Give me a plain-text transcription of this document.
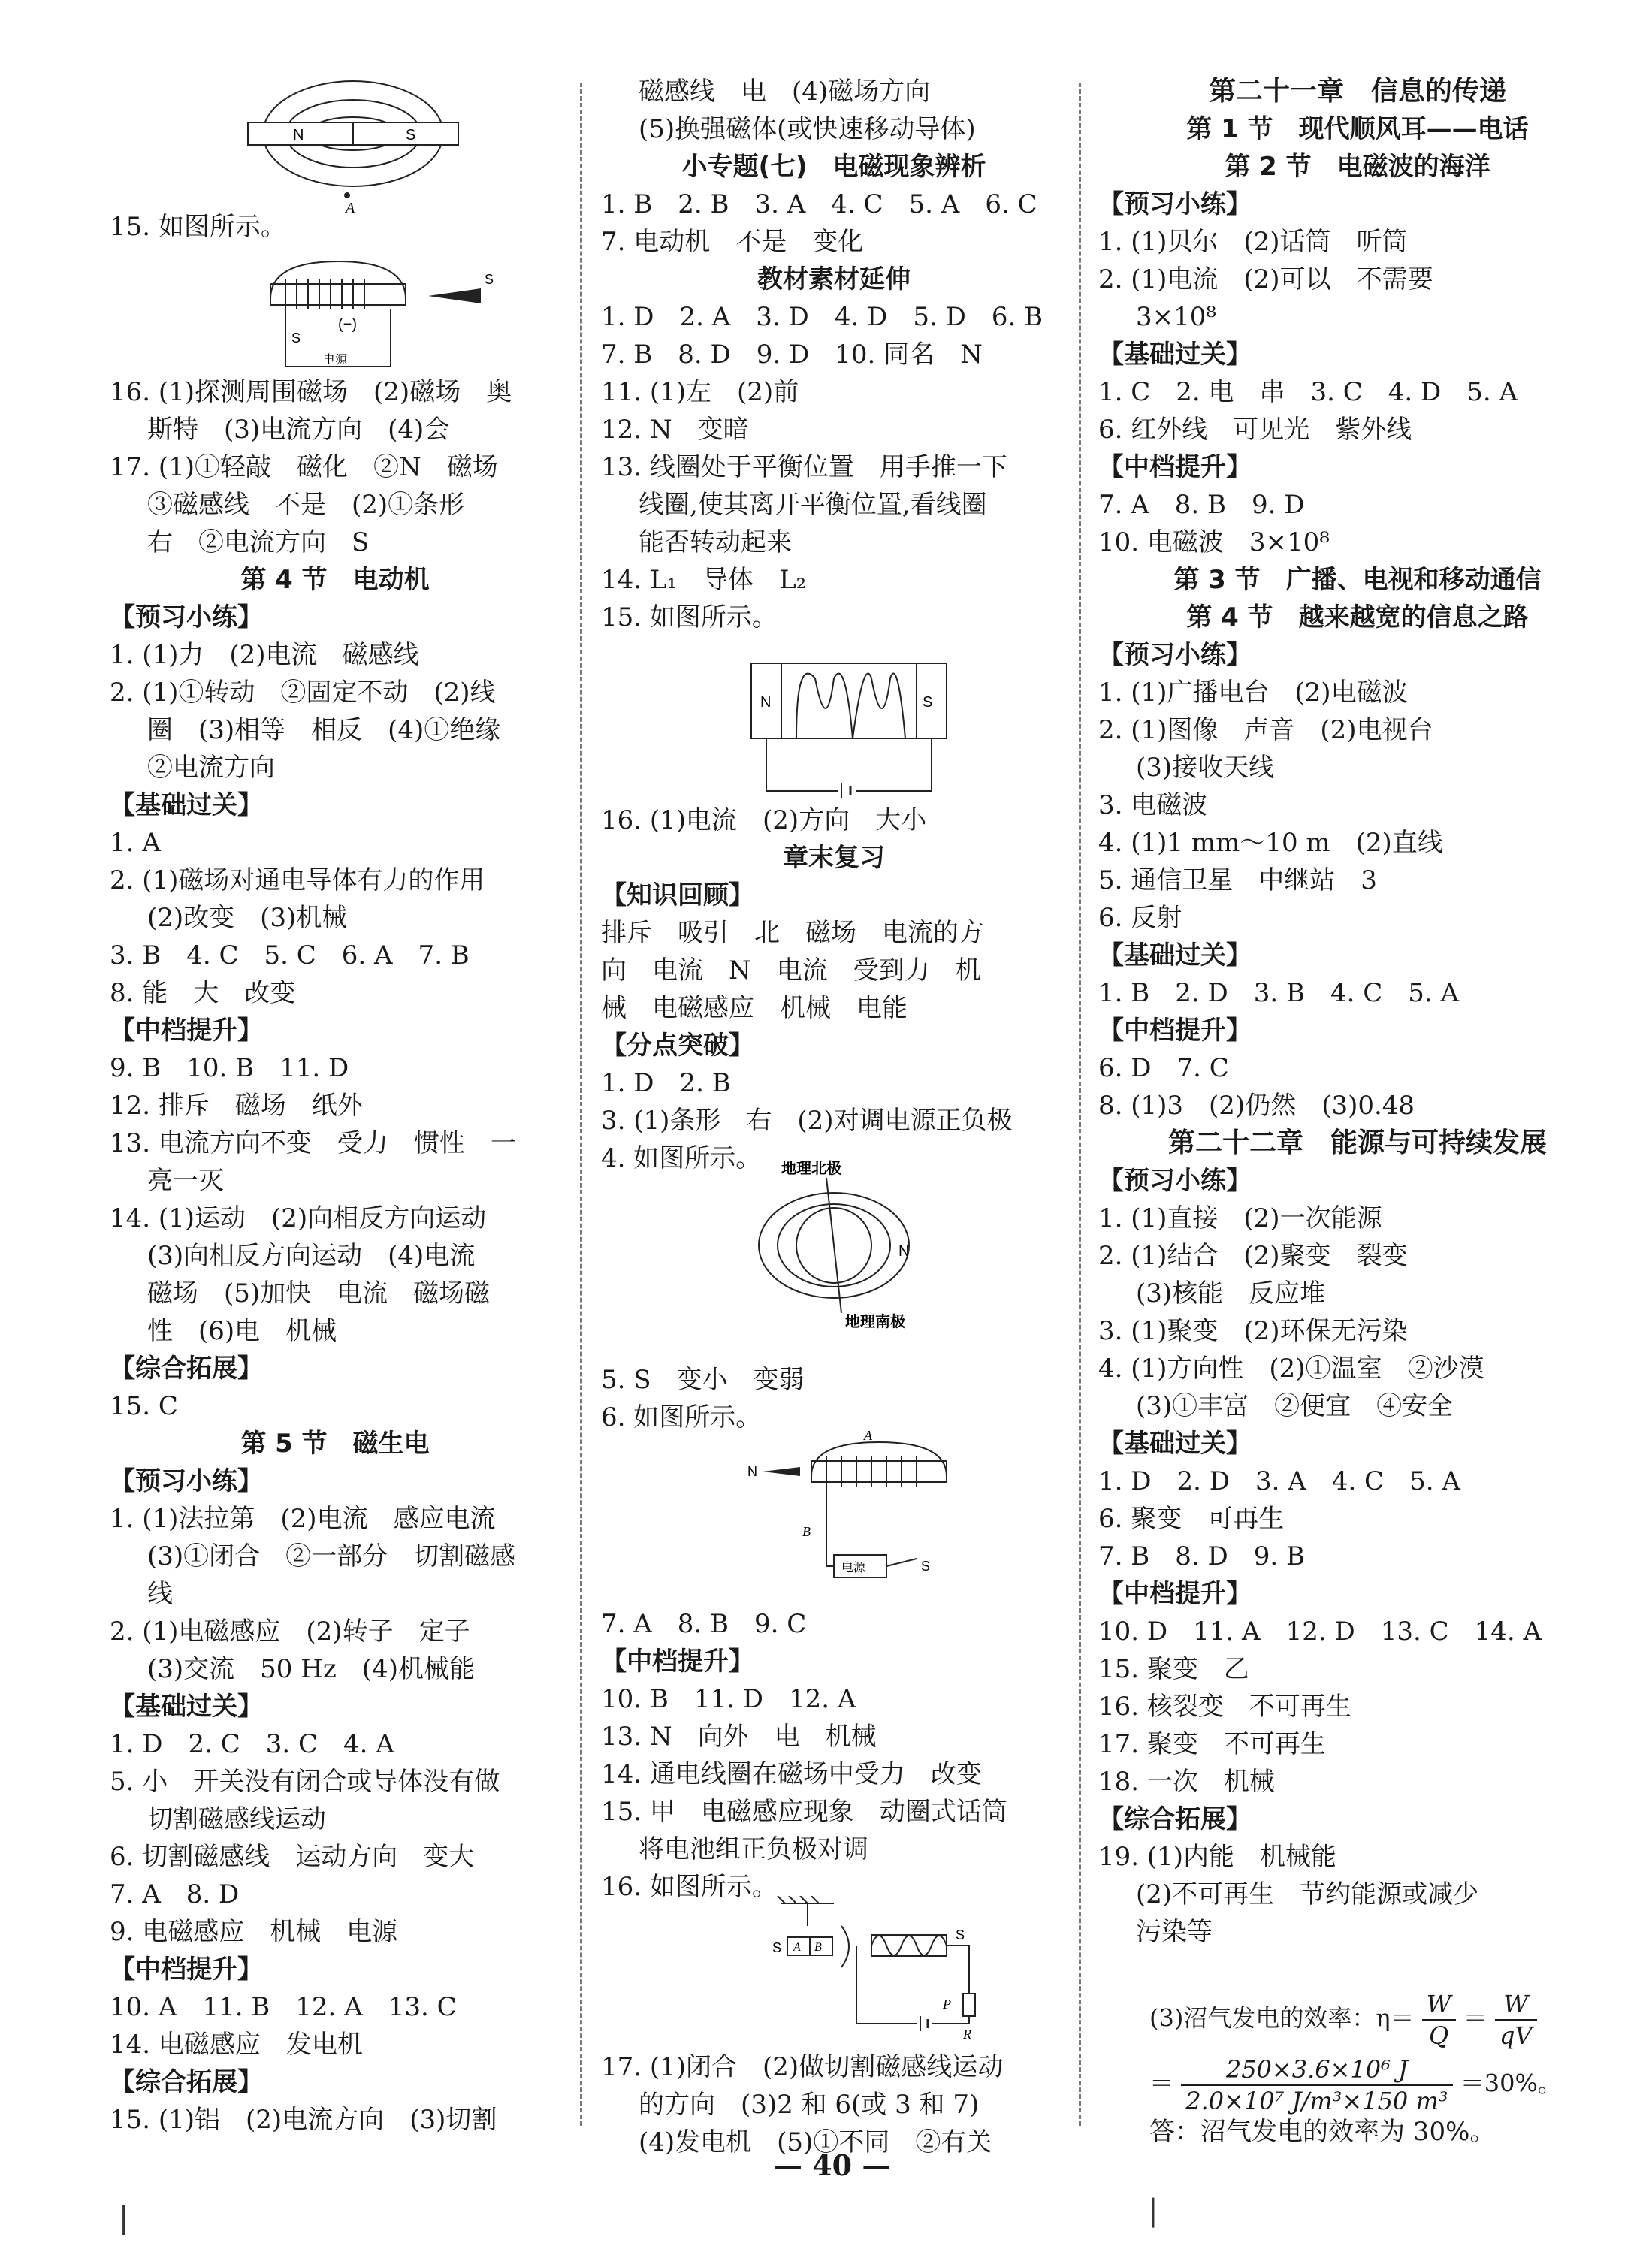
15. 如图所示。
16. (1)探测周围磁场　(2)磁场　奥
斯特　(3)电流方向　(4)会
17. (1)①轻敲　磁化　②N　磁场
③磁感线　不是　(2)①条形
右　②电流方向　S
第 4 节　电动机
【预习小练】
1. (1)力　(2)电流　磁感线
2. (1)①转动　②固定不动　(2)线
圈　(3)相等　相反　(4)①绝缘
②电流方向
【基础过关】
1. A
2. (1)磁场对通电导体有力的作用
(2)改变　(3)机械
3. B　4. C　5. C　6. A　7. B
8. 能　大　改变
【中档提升】
9. B　10. B　11. D
12. 排斥　磁场　纸外
13. 电流方向不变　受力　惯性　一
亮一灭
14. (1)运动　(2)向相反方向运动
(3)向相反方向运动　(4)电流
磁场　(5)加快　电流　磁场磁
性　(6)电　机械
【综合拓展】
15. C
第 5 节　磁生电
【预习小练】
1. (1)法拉第　(2)电流　感应电流
(3)①闭合　②一部分　切割磁感
线
2. (1)电磁感应　(2)转子　定子
(3)交流　50 Hz　(4)机械能
【基础过关】
1. D　2. C　3. C　4. A
5. 小　开关没有闭合或导体没有做
切割磁感线运动
6. 切割磁感线　运动方向　变大
7. A　8. D
9. 电磁感应　机械　电源
【中档提升】
10. A　11. B　12. A　13. C
14. 电磁感应　发电机
【综合拓展】
15. (1)铝　(2)电流方向　(3)切割
磁感线　电　(4)磁场方向
(5)换强磁体(或快速移动导体)
小专题(七)　电磁现象辨析
1. B　2. B　3. A　4. C　5. A　6. C
7. 电动机　不是　变化
教材素材延伸
1. D　2. A　3. D　4. D　5. D　6. B
7. B　8. D　9. D　10. 同名　N
11. (1)左　(2)前
12. N　变暗
13. 线圈处于平衡位置　用手推一下
线圈,使其离开平衡位置,看线圈
能否转动起来
14. L₁　导体　L₂
15. 如图所示。
16. (1)电流　(2)方向　大小
章末复习
【知识回顾】
排斥　吸引　北　磁场　电流的方
向　电流　N　电流　受到力　机
械　电磁感应　机械　电能
【分点突破】
1. D　2. B
3. (1)条形　右　(2)对调电源正负极
4. 如图所示。
5. S　变小　变弱
6. 如图所示。
7. A　8. B　9. C
【中档提升】
10. B　11. D　12. A
13. N　向外　电　机械
14. 通电线圈在磁场中受力　改变
15. 甲　电磁感应现象　动圈式话筒
将电池组正负极对调
16. 如图所示。
17. (1)闭合　(2)做切割磁感线运动
的方向　(3)2 和 6(或 3 和 7)
(4)发电机　(5)①不同　②有关
第二十一章　信息的传递
第 1 节　现代顺风耳——电话
第 2 节　电磁波的海洋
【预习小练】
1. (1)贝尔　(2)话筒　听筒
2. (1)电流　(2)可以　不需要
3×10⁸
【基础过关】
1. C　2. 电　串　3. C　4. D　5. A
6. 红外线　可见光　紫外线
【中档提升】
7. A　8. B　9. D
10. 电磁波　3×10⁸
第 3 节　广播、电视和移动通信
第 4 节　越来越宽的信息之路
【预习小练】
1. (1)广播电台　(2)电磁波
2. (1)图像　声音　(2)电视台
(3)接收天线
3. 电磁波
4. (1)1 mm～10 m　(2)直线
5. 通信卫星　中继站　3
6. 反射
【基础过关】
1. B　2. D　3. B　4. C　5. A
【中档提升】
6. D　7. C
8. (1)3　(2)仍然　(3)0.48
第二十二章　能源与可持续发展
【预习小练】
1. (1)直接　(2)一次能源
2. (1)结合　(2)聚变　裂变
(3)核能　反应堆
3. (1)聚变　(2)环保无污染
4. (1)方向性　(2)①温室　②沙漠
(3)①丰富　②便宜　④安全
【基础过关】
1. D　2. D　3. A　4. C　5. A
6. 聚变　可再生
7. B　8. D　9. B
【中档提升】
10. D　11. A　12. D　13. C　14. A
15. 聚变　乙
16. 核裂变　不可再生
17. 聚变　不可再生
18. 一次　机械
【综合拓展】
19. (1)内能　机械能
(2)不可再生　节约能源或减少
污染等
N	S
A
S
(−)
S
电源
N	S
地理北极
N
地理南极
A
N
B
电源	S
S A B
S
P
R
(3)沼气发电的效率：$\eta= \frac{W}{Q} = \frac{W}{qV}$
＝ $\frac{\text{250×3.6×10⁶ J}}{\text{2.0×10⁷ J/m³×150 m³}} =30\%$。
答：沼气发电的效率为 30%。
— 40 —
❘	❘
